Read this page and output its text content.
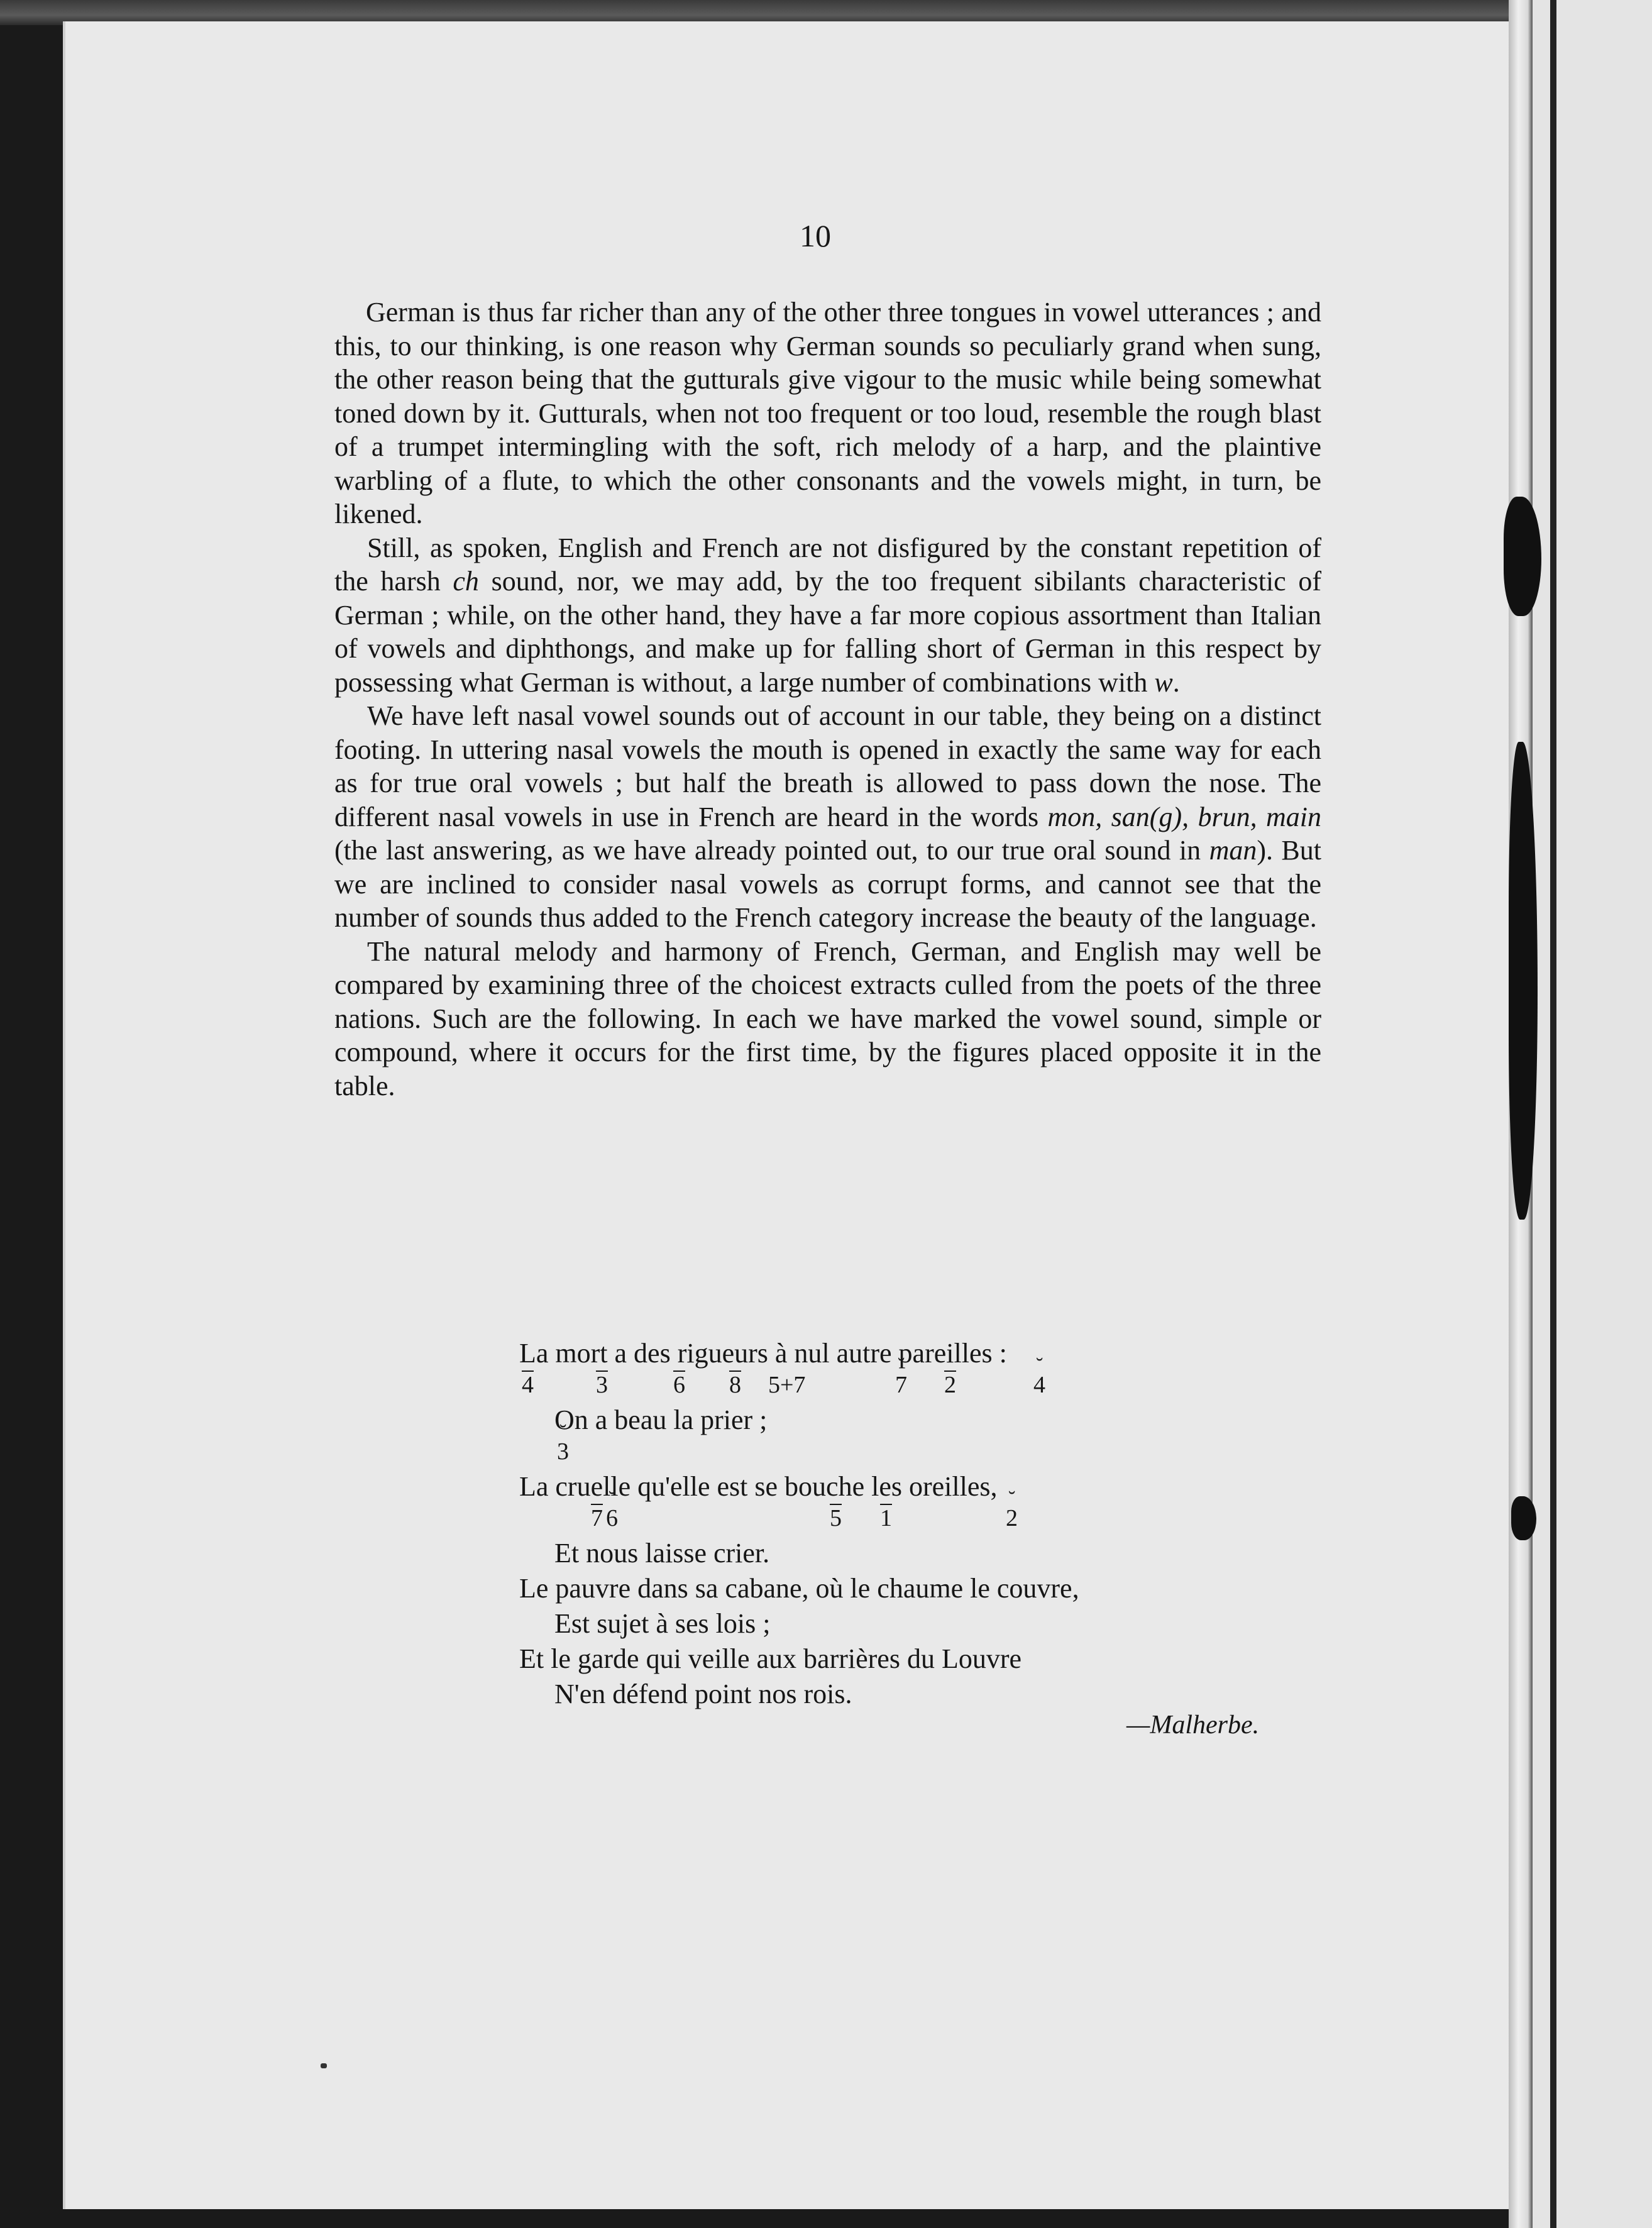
10

German is thus far richer than any of the other three tongues in vowel utterances ; and this, to our thinking, is one reason why German sounds so peculiarly grand when sung, the other reason being that the gutturals give vigour to the music while being somewhat toned down by it. Gutturals, when not too frequent or too loud, resemble the rough blast of a trumpet intermingling with the soft, rich melody of a harp, and the plaintive warbling of a flute, to which the other consonants and the vowels might, in turn, be likened.

Still, as spoken, English and French are not disfigured by the constant repetition of the harsh ch sound, nor, we may add, by the too frequent sibilants characteristic of German ; while, on the other hand, they have a far more copious assortment than Italian of vowels and diphthongs, and make up for falling short of German in this respect by possessing what German is without, a large number of combinations with w.

We have left nasal vowel sounds out of account in our table, they being on a distinct footing. In uttering nasal vowels the mouth is opened in exactly the same way for each as for true oral vowels ; but half the breath is allowed to pass down the nose. The different nasal vowels in use in French are heard in the words mon, san(g), brun, main (the last answering, as we have already pointed out, to our true oral sound in man). But we are inclined to consider nasal vowels as corrupt forms, and cannot see that the number of sounds thus added to the French category increase the beauty of the language.

The natural melody and harmony of French, German, and English may well be compared by examining three of the choicest extracts culled from the poets of the three nations. Such are the following. In each we have marked the vowel sound, simple or compound, where it occurs for the first time, by the figures placed opposite it in the table.

La mort a des rigueurs à nul autre pareilles :
4	3	6 8 5+7	˘ 7 2	˘ 4
On a beau la prier ;
˘ 3
La cruelle qu'elle est se bouche les oreilles,
7 ˘ 6	5 1	˘ 2
Et nous laisse crier.
Le pauvre dans sa cabane, où le chaume le couvre,
Est sujet à ses lois ;
Et le garde qui veille aux barrières du Louvre
N'en défend point nos rois.
—Malherbe.
